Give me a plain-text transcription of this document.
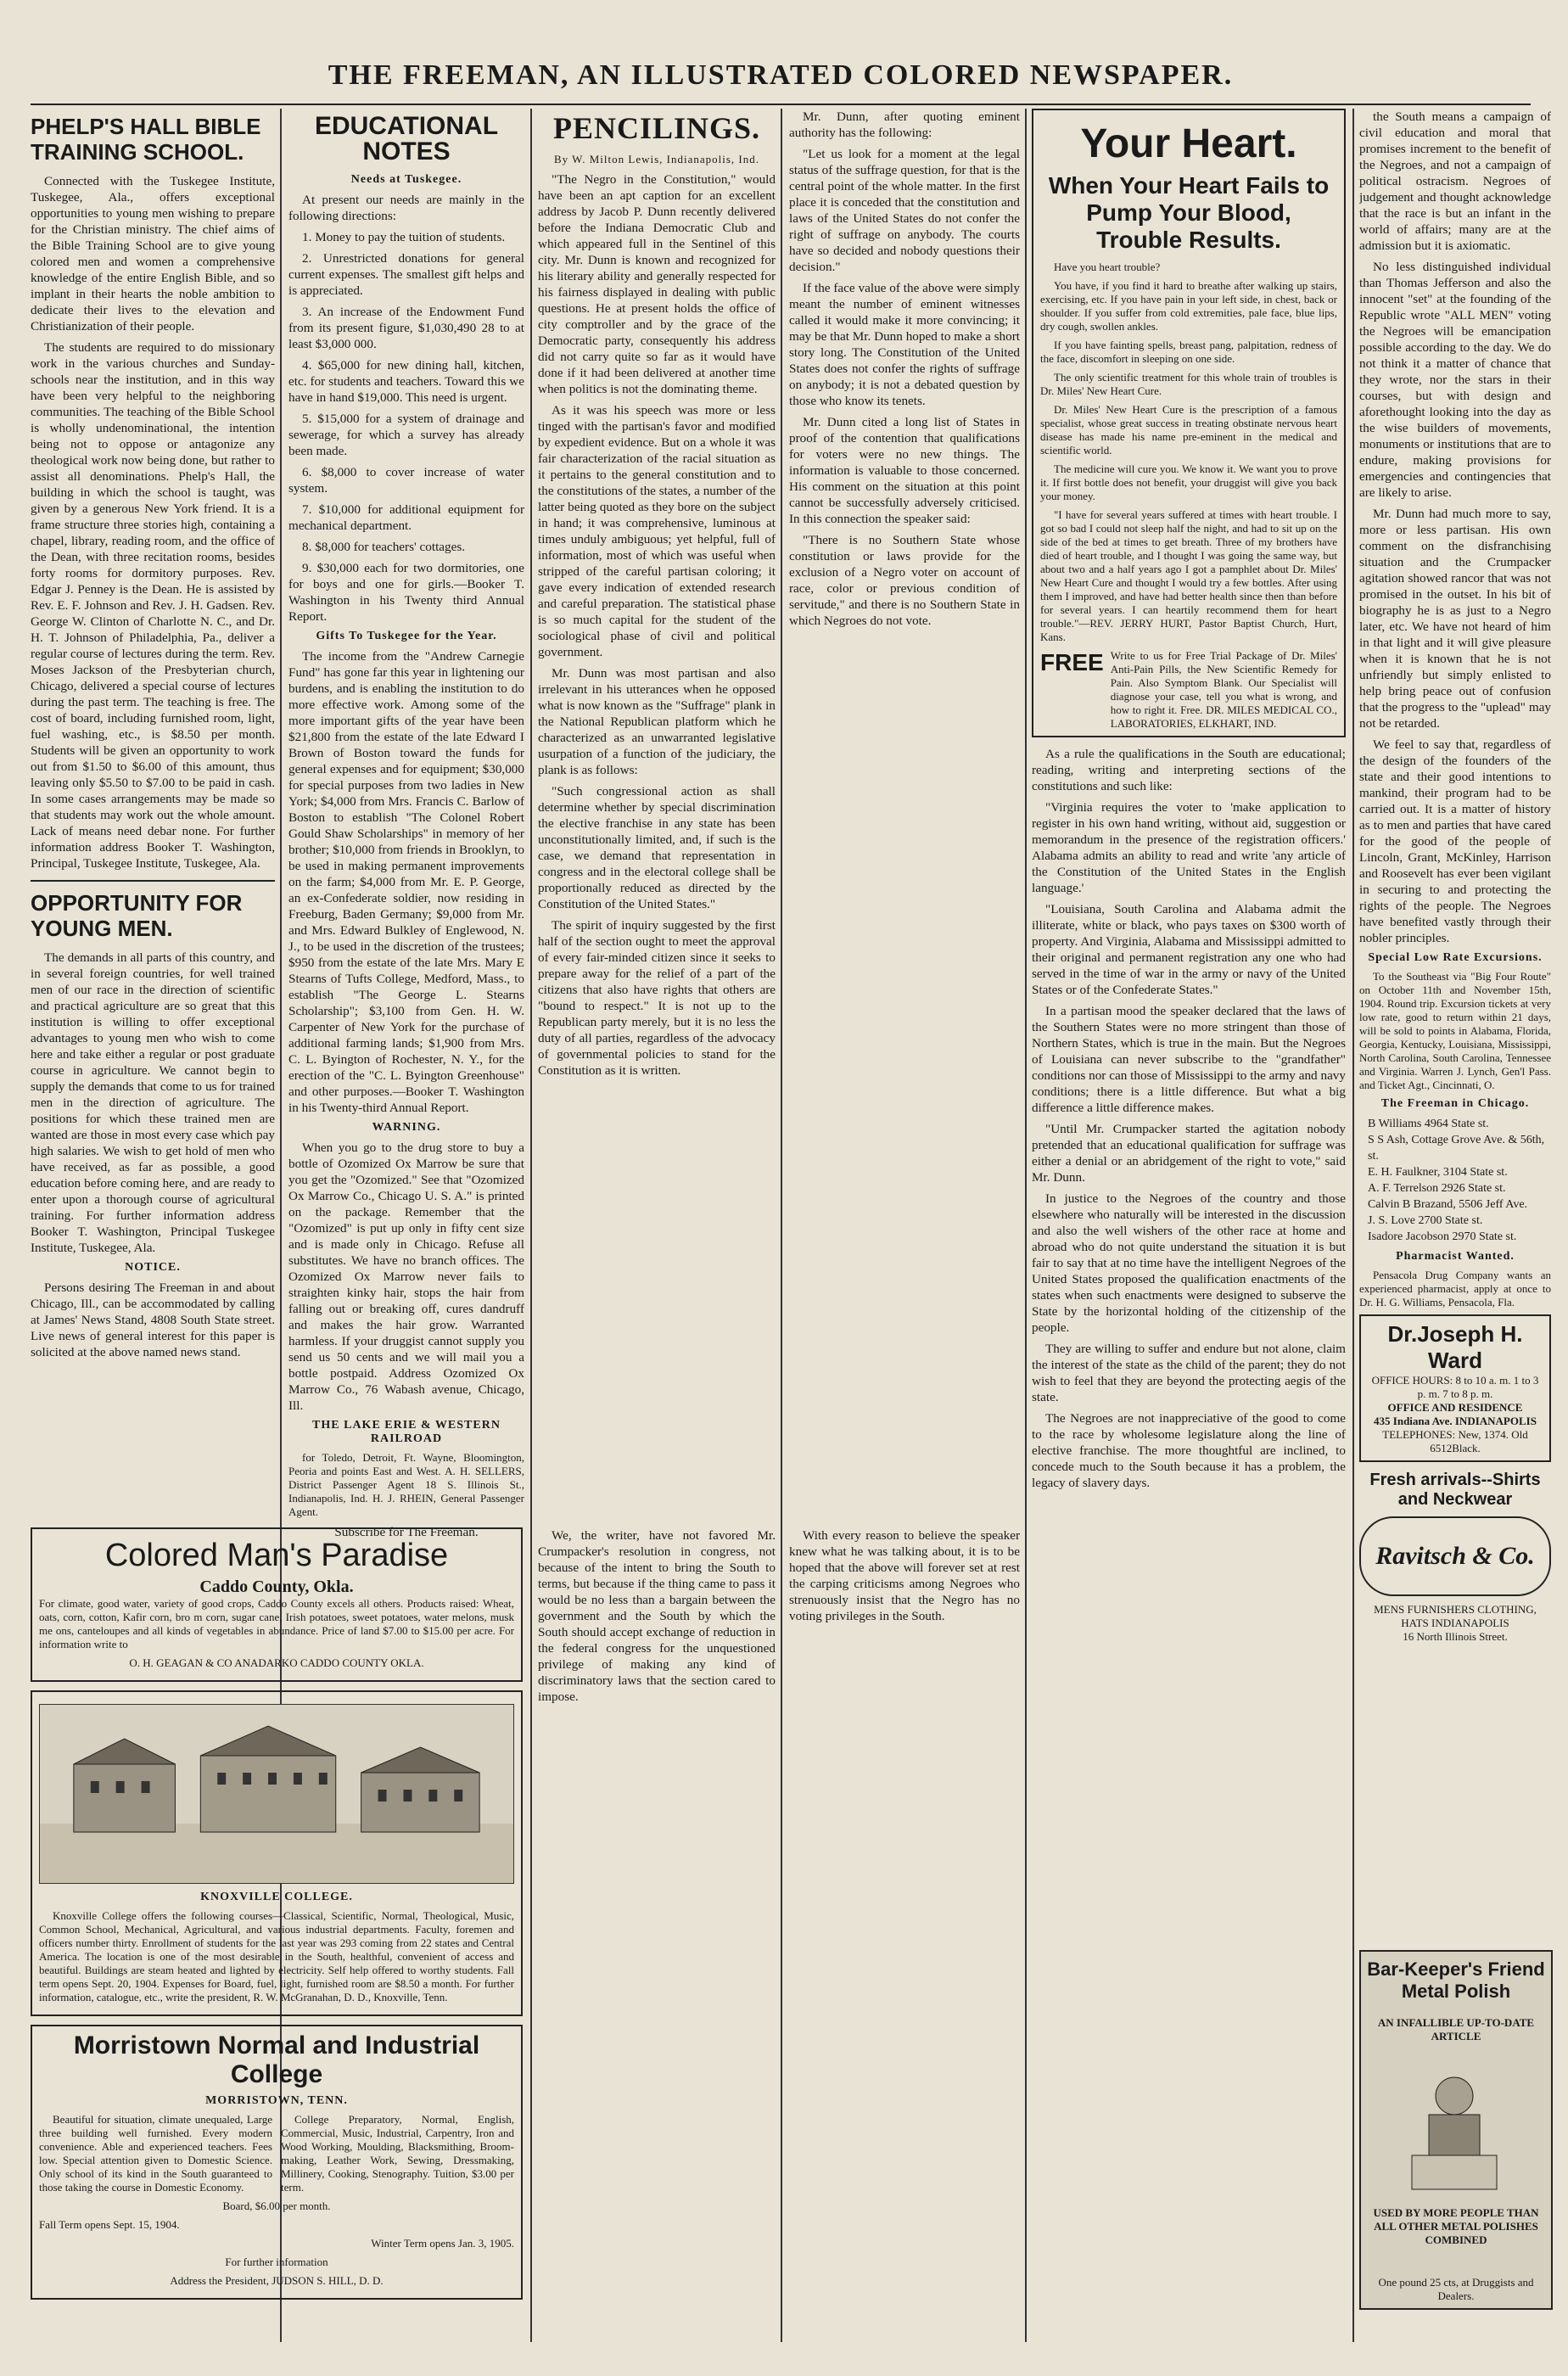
THE FREEMAN, AN ILLUSTRATED COLORED NEWSPAPER.
PHELP'S HALL BIBLE TRAINING SCHOOL.

Connected with the Tuskegee Institute, Tuskegee, Ala., offers exceptional opportunities to young men wishing to prepare for the Christian ministry. The chief aims of the Bible Training School are to give young colored men and women a comprehensive knowledge of the entire English Bible, and so implant in their hearts the noble ambition to dedicate their lives to the elevation and Christianization of their people.

The students are required to do missionary work in the various churches and Sunday-schools near the institution, and in this way have been very helpful to the neighboring communities. The teaching of the Bible School is wholly undenominational, the intention being not to oppose or antagonize any theological work now being done, but rather to assist all denominations. Phelp's Hall, the building in which the school is taught, was given by a generous New York friend. It is a frame structure three stories high, containing a chapel, library, reading room, and the office of the Dean, with three recitation rooms, besides forty rooms for dormitory purposes. Rev. Edgar J. Penney is the Dean. He is assisted by Rev. E. F. Johnson and Rev. J. H. Gadsen. Rev. George W. Clinton of Charlotte N. C., and Dr. H. T. Johnson of Philadelphia, Pa., deliver a regular course of lectures during the term. Rev. Moses Jackson of the Presbyterian church, Chicago, delivered a special course of lectures during the past term. The teaching is free. The cost of board, including furnished room, light, fuel washing, etc., is $8.50 per month. Students will be given an opportunity to work out from $1.50 to $6.00 of this amount, thus leaving only $5.50 to $7.00 to be paid in cash. In some cases arrangements may be made so that students may work out the whole amount. Lack of means need debar none. For further information address Booker T. Washington, Principal, Tuskegee Institute, Tuskegee, Ala.

OPPORTUNITY FOR YOUNG MEN.

The demands in all parts of this country, and in several foreign countries, for well trained men of our race in the direction of scientific and practical agriculture are so great that this institution is willing to offer exceptional advantages to young men who wish to come here and take either a regular or post graduate course in agriculture. We cannot begin to supply the demands that come to us for trained men in the direction of agriculture. The positions for which these trained men are wanted are those in most every case which pay high salaries. We wish to get hold of men who have received, as far as possible, a good education before coming here, and are ready to enter upon a thorough course of agricultural training. For further information address Booker T. Washington, Principal Tuskegee Institute, Tuskegee, Ala.

NOTICE.

Persons desiring The Freeman in and about Chicago, Ill., can be accommodated by calling at James' News Stand, 4808 South State street. Live news of general interest for this paper is solicited at the above named news stand.

EDUCATIONAL NOTES
Needs at Tuskegee.

At present our needs are mainly in the following directions:

1. Money to pay the tuition of students.

2. Unrestricted donations for general current expenses. The smallest gift helps and is appreciated.

3. An increase of the Endowment Fund from its present figure, $1,030,490 28 to at least $3,000 000.

4. $65,000 for new dining hall, kitchen, etc. for students and teachers. Toward this we have in hand $19,000. This need is urgent.

5. $15,000 for a system of drainage and sewerage, for which a survey has already been made.

6. $8,000 to cover increase of water system.

7. $10,000 for additional equipment for mechanical department.

8. $8,000 for teachers' cottages.

9. $30,000 each for two dormitories, one for boys and one for girls.—Booker T. Washington in his Twenty third Annual Report.

Gifts To Tuskegee for the Year.

The income from the "Andrew Carnegie Fund" has gone far this year in lightening our burdens, and is enabling the institution to do more effective work. Among some of the more important gifts of the year have been $21,800 from the estate of the late Edward I Brown of Boston toward the funds for general expenses and for equipment; $30,000 for special purposes from two ladies in New York; $4,000 from Mrs. Francis C. Barlow of Boston to establish "The Colonel Robert Gould Shaw Scholarships" in memory of her brother; $10,000 from friends in Brooklyn, to be used in making permanent improvements on the farm; $4,000 from Mr. E. P. George, an ex-Confederate soldier, now residing in Freeburg, Baden Germany; $9,000 from Mr. and Mrs. Edward Bulkley of Englewood, N. J., to be used in the discretion of the trustees; $950 from the estate of the late Mrs. Mary E Stearns of Tufts College, Medford, Mass., to establish "The George L. Stearns Scholarship"; $3,100 from Gen. H. W. Carpenter of New York for the purchase of additional farming lands; $1,900 from Mrs. C. L. Byington of Rochester, N. Y., for the erection of the "C. L. Byington Greenhouse" and other purposes.—Booker T. Washington in his Twenty-third Annual Report.

WARNING.

When you go to the drug store to buy a bottle of Ozomized Ox Marrow be sure that you get the "Ozomized." See that "Ozomized Ox Marrow Co., Chicago U. S. A." is printed on the package. Remember that the "Ozomized" is put up only in fifty cent size and is made only in Chicago. Refuse all substitutes. We have no branch offices. The Ozomized Ox Marrow never fails to straighten kinky hair, stops the hair from falling out or breaking off, cures dandruff and makes the hair grow. Warranted harmless. If your druggist cannot supply you send us 50 cents and we will mail you a bottle postpaid. Address Ozomized Ox Marrow Co., 76 Wabash avenue, Chicago, Ill.

THE LAKE ERIE & WESTERN RAILROAD

for Toledo, Detroit, Ft. Wayne, Bloomington, Peoria and points East and West. A. H. SELLERS, District Passenger Agent 18 S. Illinois St., Indianapolis, Ind. H. J. RHEIN, General Passenger Agent.

Subscribe for The Freeman.

PENCILINGS.
By W. Milton Lewis, Indianapolis, Ind.

"The Negro in the Constitution," would have been an apt caption for an excellent address by Jacob P. Dunn recently delivered before the Indiana Democratic Club and which appeared full in the Sentinel of this city. Mr. Dunn is known and recognized for his literary ability and generally respected for his fairness displayed in dealing with public questions. He at present holds the office of city comptroller and by the grace of the Democratic party, consequently his address did not carry quite so far as it would have done if it had been delivered at another time when politics is not the dominating theme.

As it was his speech was more or less tinged with the partisan's favor and modified by expedient evidence. But on a whole it was fair characterization of the racial situation as it pertains to the general constitution and to the constitutions of the states, a number of the latter being quoted as they bore on the subject in hand; it was comprehensive, luminous at times unduly ambiguous; yet helpful, full of information, most of which was useful when stripped of the careful partisan coloring; it gave every indication of extended research and careful preparation. The statistical phase is so much capital for the student of the sociological phase of civil and political government.

Mr. Dunn was most partisan and also irrelevant in his utterances when he opposed what is now known as the "Suffrage" plank in the National Republican platform which he characterized as an unwarranted legislative usurpation of a function of the judiciary, the plank is as follows:

"Such congressional action as shall determine whether by special discrimination the elective franchise in any state has been unconstitutionally limited, and, if such is the case, we demand that representation in congress and in the electoral college shall be proportionally reduced as directed by the Constitution of the United States."

The spirit of inquiry suggested by the first half of the section ought to meet the approval of every fair-minded citizen since it seeks to prepare away for the relief of a part of the citizens that also have rights that others are "bound to respect." It is not up to the Republican party merely, but it is no less the duty of all parties, regardless of the advocacy of governmental policies to stand for the Constitution as it is written.

Mr. Dunn, after quoting eminent authority has the following:

"Let us look for a moment at the legal status of the suffrage question, for that is the central point of the whole matter. In the first place it is conceded that the constitution and laws of the United States do not confer the right of suffrage on anybody. The courts have so decided and nobody questions their decision."

If the face value of the above were simply meant the number of eminent witnesses called it would make it more convincing; it may be that Mr. Dunn hoped to make a short story long. The Constitution of the United States does not confer the rights of suffrage on anybody; it is not a debated question by those who know its tenets.

Mr. Dunn cited a long list of States in proof of the contention that qualifications for voters were no new things. The information is valuable to those concerned. His comment on the situation at this point cannot be successfully adversely criticised. In this connection the speaker said:

"There is no Southern State whose constitution or laws provide for the exclusion of a Negro voter on account of race, color or previous condition of servitude," and there is no Southern State in which Negroes do not vote.

Colored Man's Paradise
Caddo County, Okla.

For climate, good water, variety of good crops, Caddo County excels all others. Products raised: Wheat, oats, corn, cotton, Kafir corn, bro m corn, sugar cane, Irish potatoes, sweet potatoes, water melons, musk me ons, canteloupes and all kinds of vegetables in abundance. Price of land $7.00 to $15.00 per acre. For information write to

O. H. GEAGAN & CO ANADARKO CADDO COUNTY OKLA.

KNOXVILLE COLLEGE.

Knoxville College offers the following courses—Classical, Scientific, Normal, Theological, Music, Common School, Mechanical, Agricultural, and various industrial departments. Faculty, foremen and officers number thirty. Enrollment of students for the last year was 293 coming from 22 states and Central America. The location is one of the most desirable in the South, healthful, convenient of access and beautiful. Buildings are steam heated and lighted by electricity. Self help offered to worthy students. Fall term opens Sept. 20, 1904. Expenses for Board, fuel, light, furnished room are $8.50 a month. For further information, catalogue, etc., write the president, R. W. McGranahan, D. D., Knoxville, Tenn.

Morristown Normal and Industrial College
MORRISTOWN, TENN.

Beautiful for situation, climate unequaled, Large three building well furnished. Every modern convenience. Able and experienced teachers. Fees low. Special attention given to Domestic Science. Only school of its kind in the South guaranteed to those taking the course in Domestic Economy.

College Preparatory, Normal, English, Commercial, Music, Industrial, Carpentry, Iron and Wood Working, Moulding, Blacksmithing, Broom-making, Leather Work, Sewing, Dressmaking, Millinery, Cooking, Stenography. Tuition, $3.00 per term.

Board, $6.00 per month.

Fall Term opens Sept. 15, 1904.

Winter Term opens Jan. 3, 1905.

For further information

Address the President, JUDSON S. HILL, D. D.

We, the writer, have not favored Mr. Crumpacker's resolution in congress, not because of the intent to bring the South to terms, but because if the thing came to pass it would be no less than a bargain between the government and the South by which the South should accept exchange of reduction in the federal congress for the unquestioned privilege of making any kind of discriminatory laws that the section cared to impose.

With every reason to believe the speaker knew what he was talking about, it is to be hoped that the above will forever set at rest the carping criticisms among Negroes who strenuously insist that the Negro has no voting privileges in the South.

Your Heart.
When Your Heart Fails to Pump Your Blood, Trouble Results.

Have you heart trouble?

You have, if you find it hard to breathe after walking up stairs, exercising, etc. If you have pain in your left side, in chest, back or shoulder. If you suffer from cold extremities, pale face, blue lips, dry cough, swollen ankles.

If you have fainting spells, breast pang, palpitation, redness of the face, discomfort in sleeping on one side.

The only scientific treatment for this whole train of troubles is Dr. Miles' New Heart Cure.

Dr. Miles' New Heart Cure is the prescription of a famous specialist, whose great success in treating obstinate nervous heart disease has made his name pre-eminent in the medical and scientific world.

The medicine will cure you. We know it. We want you to prove it. If first bottle does not benefit, your druggist will give you back your money.

"I have for several years suffered at times with heart trouble. I got so bad I could not sleep half the night, and had to sit up on the side of the bed at times to get breath. Three of my brothers have died of heart trouble, and I thought I was going the same way, but about two and a half years ago I got a pamphlet about Dr. Miles' New Heart Cure and thought I would try a few bottles. After using them I improved, and have had better health since then than before for several years. I can heartily recommend them for heart trouble."—REV. JERRY HURT, Pastor Baptist Church, Hurt, Kans.

FREE Write to us for Free Trial Package of Dr. Miles' Anti-Pain Pills, the New Scientific Remedy for Pain. Also Symptom Blank. Our Specialist will diagnose your case, tell you what is wrong, and how to right it. Free. DR. MILES MEDICAL CO., LABORATORIES, ELKHART, IND.

As a rule the qualifications in the South are educational; reading, writing and interpreting sections of the constitutions and such like:

"Virginia requires the voter to 'make application to register in his own hand writing, without aid, suggestion or memorandum in the presence of the registration officers.' Alabama admits an ability to read and write 'any article of the Constitution of the United States in the English language.'

"Louisiana, South Carolina and Alabama admit the illiterate, white or black, who pays taxes on $300 worth of property. And Virginia, Alabama and Mississippi admitted to their original and permanent registration any one who had served in the time of war in the army or navy of the United States or of the Confederate States."

In a partisan mood the speaker declared that the laws of the Southern States were no more stringent than those of Northern States, which is true in the main. But the Negroes of Louisiana can never subscribe to the "grandfather" conditions nor can those of Mississippi to the army and navy conditions; there is a little difference. But what a big difference a little difference makes.

"Until Mr. Crumpacker started the agitation nobody pretended that an educational qualification for suffrage was either a denial or an abridgement of the right to vote," said Mr. Dunn.

In justice to the Negroes of the country and those elsewhere who naturally will be interested in the discussion and also the well wishers of the other race at home and abroad who do not quite understand the situation it is but fair to say that at no time have the intelligent Negroes of the United States proposed the qualification enactments of the states when such enactments were designed to subserve the State by the horizontal holding of the citizenship of the people.

They are willing to suffer and endure but not alone, claim the interest of the state as the child of the parent; they do not wish to feel that they are beyond the protecting aegis of the state.

The Negroes are not inappreciative of the good to come to the race by wholesome legislature along the line of elective franchise. The more thoughtful are inclined, to concede much to the South because it has a problem, the legacy of slavery days.

the South means a campaign of civil education and moral that promises increment to the benefit of the Negroes, and not a campaign of political ostracism. Negroes of judgement and thought acknowledge that the race is but an infant in the world of affairs; many are at the admission but it is axiomatic.

No less distinguished individual than Thomas Jefferson and also the innocent "set" at the founding of the Republic wrote "ALL MEN" voting the Negroes will be emancipation possible according to the day. We do not think it a matter of chance that they wrote, nor the stars in their courses, but with design and aforethought looking into the day as the wise builders of movements, monuments or institutions that are to endure, making provisions for emergencies and contingencies that are likely to arise.

Mr. Dunn had much more to say, more or less partisan. His own comment on the disfranchising situation and the Crumpacker agitation showed rancor that was not promised in the outset. In his bit of biography he is as just to a Negro later, etc. We have not heard of him in that light and it will give pleasure when it is known that he is not unfriendly but simply enlisted to help bring peace out of confusion that the progress to the "uplead" may not be retarded.

We feel to say that, regardless of the design of the founders of the state and their good intentions to mankind, their program had to be carried out. It is a matter of history as to men and parties that have cared for the good of the people of Lincoln, Grant, McKinley, Harrison and Roosevelt has ever been vigilant in securing to and protecting the rights of the people. The Negroes have benefited vastly through their nobler principles.

Special Low Rate Excursions.

To the Southeast via "Big Four Route" on October 11th and November 15th, 1904. Round trip. Excursion tickets at very low rate, good to return within 21 days, will be sold to points in Alabama, Florida, Georgia, Kentucky, Louisiana, Mississippi, North Carolina, South Carolina, Tennessee and Virginia. Warren J. Lynch, Gen'l Pass. and Ticket Agt., Cincinnati, O.

The Freeman in Chicago.
B Williams 4964 State st.
S S Ash, Cottage Grove Ave. & 56th, st.
E. H. Faulkner, 3104 State st.
A. F. Terrelson 2926 State st.
Calvin B Brazand, 5506 Jeff Ave.
J. S. Love 2700 State st.
Isadore Jacobson 2970 State st.
Pharmacist Wanted.

Pensacola Drug Company wants an experienced pharmacist, apply at once to Dr. H. G. Williams, Pensacola, Fla.

Dr.Joseph H. Ward
OFFICE HOURS: 8 to 10 a. m. 1 to 3 p. m. 7 to 8 p. m.
OFFICE AND RESIDENCE
435 Indiana Ave. INDIANAPOLIS
TELEPHONES: New, 1374. Old 6512Black.
Fresh arrivals--Shirts and Neckwear
Ravitsch & Co.
MENS FURNISHERS CLOTHING, HATS INDIANAPOLIS
16 North Illinois Street.
Bar-Keeper's Friend Metal Polish
AN INFALLIBLE UP-TO-DATE ARTICLE
USED BY MORE PEOPLE THAN ALL OTHER METAL POLISHES COMBINED
One pound 25 cts, at Druggists and Dealers.
